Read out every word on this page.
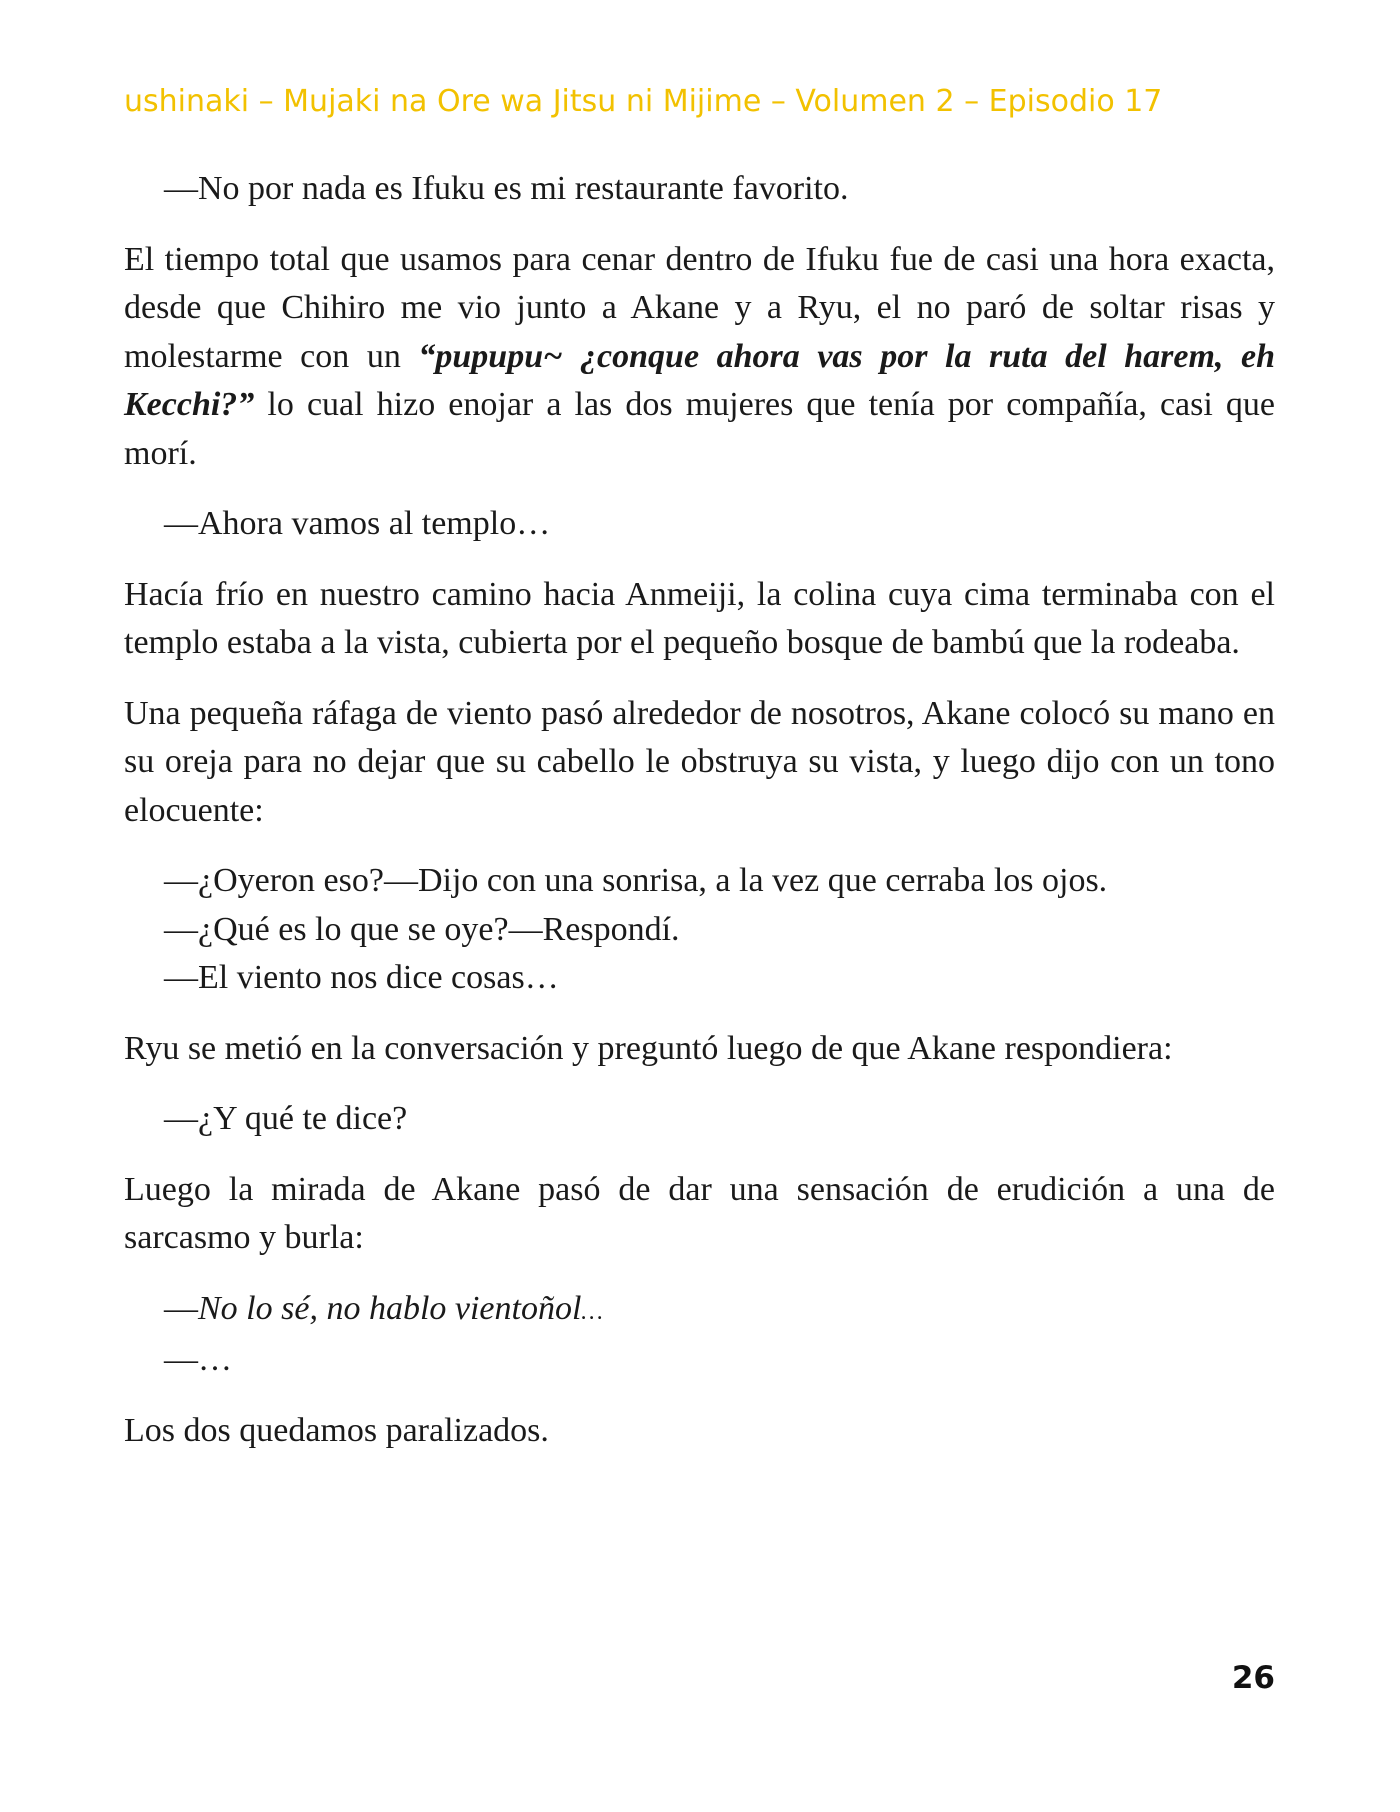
ushinaki – Mujaki na Ore wa Jitsu ni Mijime – Volumen 2 – Episodio 17

—No por nada es Ifuku es mi restaurante favorito.

El tiempo total que usamos para cenar dentro de Ifuku fue de casi una hora exacta, desde que Chihiro me vio junto a Akane y a Ryu, el no paró de soltar risas y molestarme con un “pupupu~ ¿conque ahora vas por la ruta del harem, eh Kecchi?” lo cual hizo enojar a las dos mujeres que tenía por compañía, casi que morí.

—Ahora vamos al templo…

Hacía frío en nuestro camino hacia Anmeiji, la colina cuya cima terminaba con el templo estaba a la vista, cubierta por el pequeño bosque de bambú que la rodeaba.

Una pequeña ráfaga de viento pasó alrededor de nosotros, Akane colocó su mano en su oreja para no dejar que su cabello le obstruya su vista, y luego dijo con un tono elocuente:

—¿Oyeron eso?—Dijo con una sonrisa, a la vez que cerraba los ojos.
—¿Qué es lo que se oye?—Respondí.
—El viento nos dice cosas…

Ryu se metió en la conversación y preguntó luego de que Akane respondiera:

—¿Y qué te dice?

Luego la mirada de Akane pasó de dar una sensación de erudición a una de sarcasmo y burla:

—No lo sé, no hablo vientoñol…
—…

Los dos quedamos paralizados.

26
